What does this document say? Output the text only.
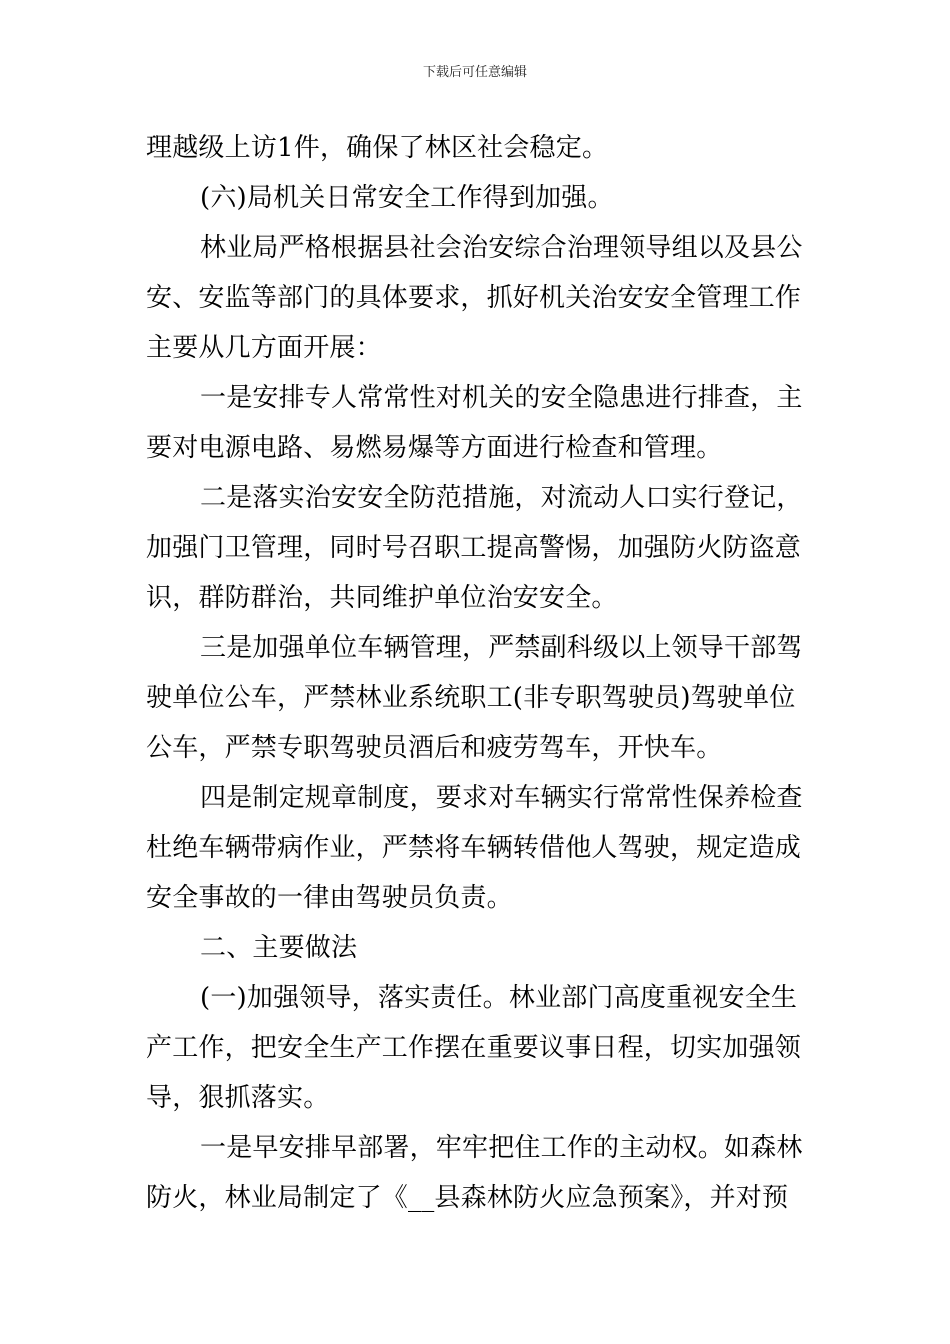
下载后可任意编辑
理越级上访1件，确保了林区社会稳定。
(六)局机关日常安全工作得到加强。
林业局严格根据县社会治安综合治理领导组以及县公
安、安监等部门的具体要求，抓好机关治安安全管理工作
主要从几方面开展：
一是安排专人常常性对机关的安全隐患进行排查，主
要对电源电路、易燃易爆等方面进行检查和管理。
二是落实治安安全防范措施，对流动人口实行登记，
加强门卫管理，同时号召职工提高警惕，加强防火防盗意
识，群防群治，共同维护单位治安安全。
三是加强单位车辆管理，严禁副科级以上领导干部驾
驶单位公车，严禁林业系统职工(非专职驾驶员)驾驶单位
公车，严禁专职驾驶员酒后和疲劳驾车，开快车。
四是制定规章制度，要求对车辆实行常常性保养检查
杜绝车辆带病作业，严禁将车辆转借他人驾驶，规定造成
安全事故的一律由驾驶员负责。
二、主要做法
(一)加强领导，落实责任。林业部门高度重视安全生
产工作，把安全生产工作摆在重要议事日程，切实加强领
导，狠抓落实。
一是早安排早部署，牢牢把住工作的主动权。如森林
防火，林业局制定了《__县森林防火应急预案》，并对预
